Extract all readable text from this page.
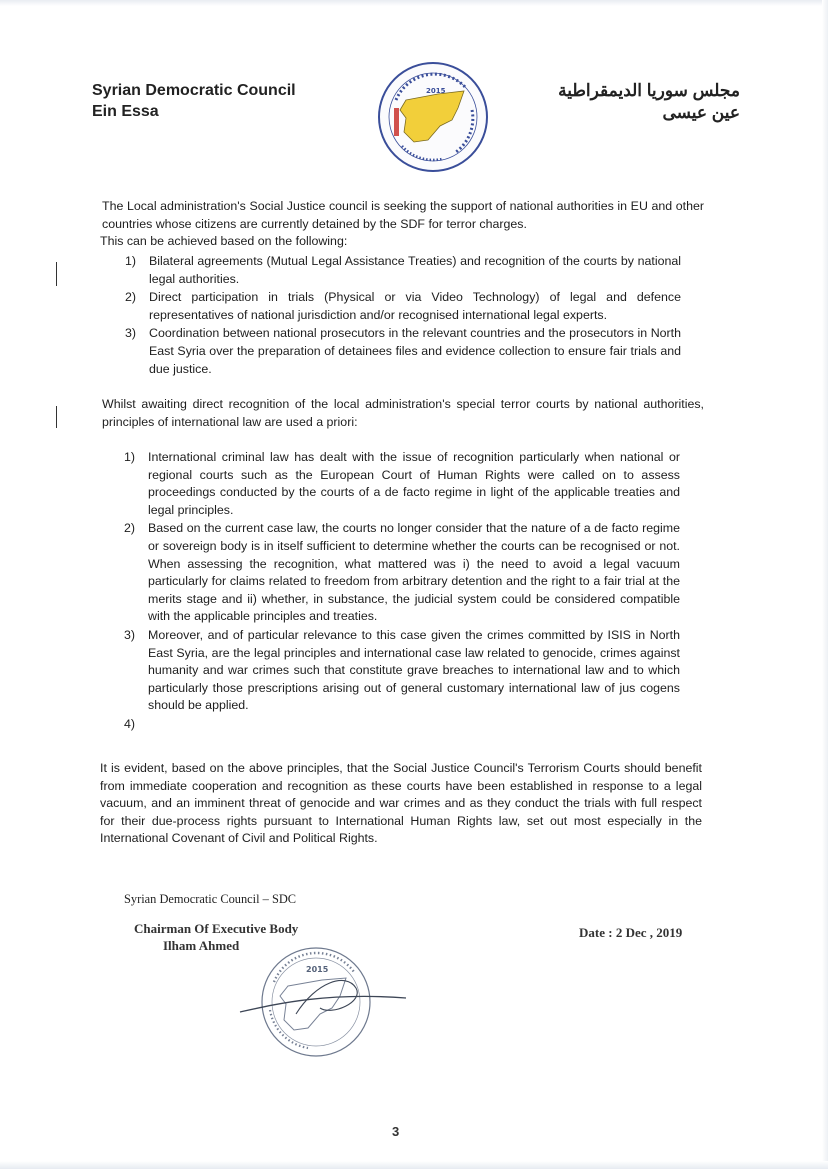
Syrian Democratic Council
Ein Essa
2015	مجلس سوريا الديمقراطية
عين عيسى
The Local administration's Social Justice council is seeking the support of national authorities in EU and other countries whose citizens are currently detained by the SDF for terror charges.
This can be achieved based on the following:
1) Bilateral agreements (Mutual Legal Assistance Treaties) and recognition of the courts by national legal authorities.
2) Direct participation in trials (Physical or via Video Technology) of legal and defence representatives of national jurisdiction and/or recognised international legal experts.
3) Coordination between national prosecutors in the relevant countries and the prosecutors in North East Syria over the preparation of detainees files and evidence collection to ensure fair trials and due justice.
Whilst awaiting direct recognition of the local administration's special terror courts by national authorities, principles of international law are used a priori:
1) International criminal law has dealt with the issue of recognition particularly when national or regional courts such as the European Court of Human Rights were called on to assess proceedings conducted by the courts of a de facto regime in light of the applicable treaties and legal principles.
2) Based on the current case law, the courts no longer consider that the nature of a de facto regime or sovereign body is in itself sufficient to determine whether the courts can be recognised or not. When assessing the recognition, what mattered was i) the need to avoid a legal vacuum particularly for claims related to freedom from arbitrary detention and the right to a fair trial at the merits stage and ii) whether, in substance, the judicial system could be considered compatible with the applicable principles and treaties.
3) Moreover, and of particular relevance to this case given the crimes committed by ISIS in North East Syria, are the legal principles and international case law related to genocide, crimes against humanity and war crimes such that constitute grave breaches to international law and to which particularly those prescriptions arising out of general customary international law of jus cogens should be applied.
4)
It is evident, based on the above principles, that the Social Justice Council's Terrorism Courts should benefit from immediate cooperation and recognition as these courts have been established in response to a legal vacuum, and an imminent threat of genocide and war crimes and as they conduct the trials with full respect for their due-process rights pursuant to International Human Rights law, set out most especially in the International Covenant of Civil and Political Rights.
Syrian Democratic Council – SDC
Chairman Of Executive Body
Ilham Ahmed
Date : 2 Dec , 2019
2015
3
